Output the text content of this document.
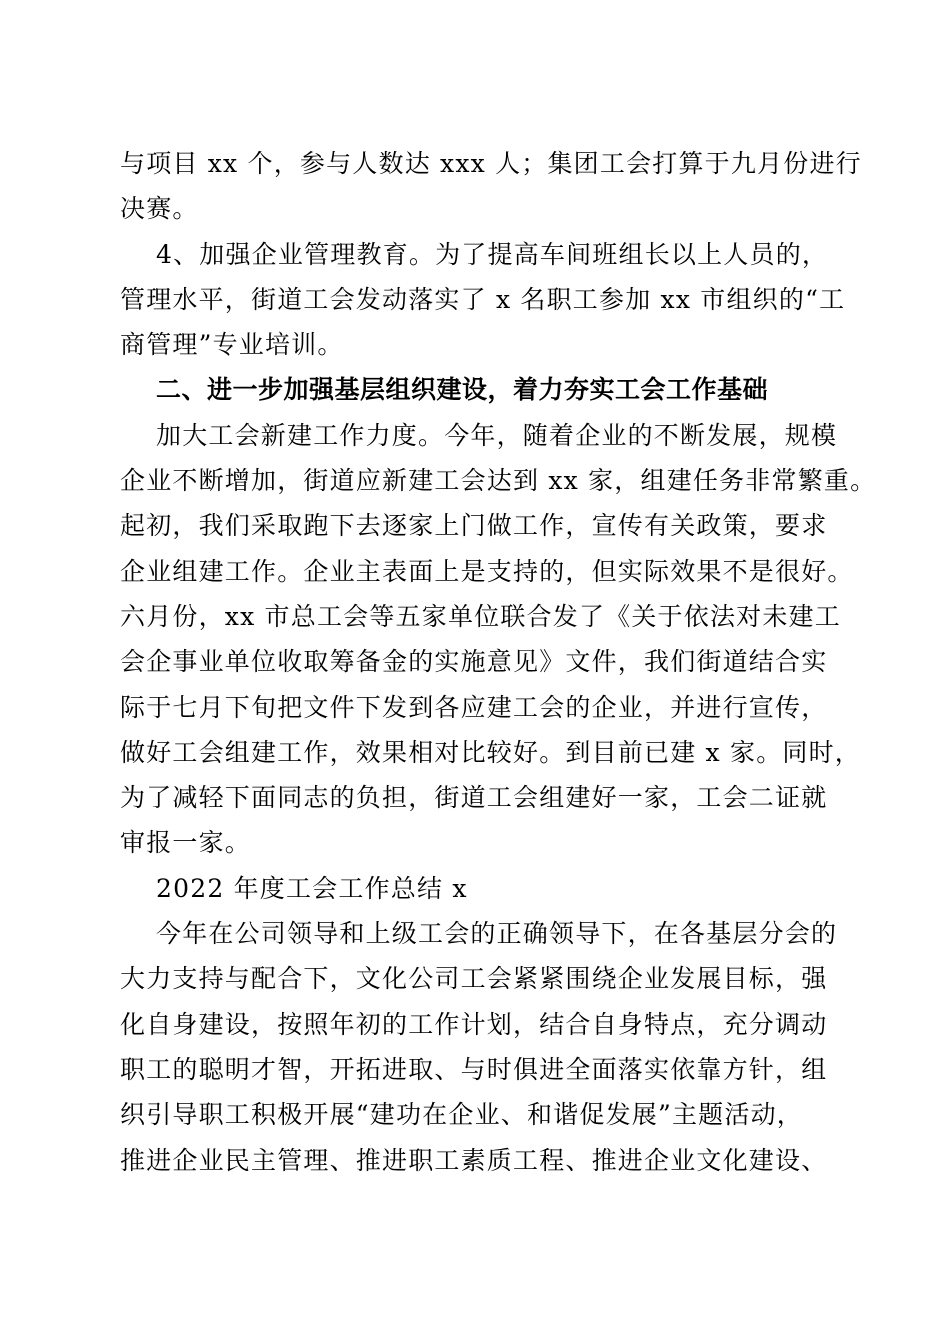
与项目 xx 个，参与人数达 xxx 人；集团工会打算于九月份进行
决赛。
4、加强企业管理教育。为了提高车间班组长以上人员的，
管理水平，街道工会发动落实了 x 名职工参加 xx 市组织的“工
商管理”专业培训。
二、进一步加强基层组织建设，着力夯实工会工作基础
加大工会新建工作力度。今年，随着企业的不断发展，规模
企业不断增加，街道应新建工会达到 xx 家，组建任务非常繁重。
起初，我们采取跑下去逐家上门做工作，宣传有关政策，要求
企业组建工作。企业主表面上是支持的，但实际效果不是很好。
六月份，xx 市总工会等五家单位联合发了《关于依法对未建工
会企事业单位收取筹备金的实施意见》文件，我们街道结合实
际于七月下旬把文件下发到各应建工会的企业，并进行宣传，
做好工会组建工作，效果相对比较好。到目前已建 x 家。同时，
为了减轻下面同志的负担，街道工会组建好一家，工会二证就
审报一家。
2022 年度工会工作总结 x
今年在公司领导和上级工会的正确领导下，在各基层分会的
大力支持与配合下，文化公司工会紧紧围绕企业发展目标，强
化自身建设，按照年初的工作计划，结合自身特点，充分调动
职工的聪明才智，开拓进取、与时俱进全面落实依靠方针，组
织引导职工积极开展“建功在企业、和谐促发展”主题活动，
推进企业民主管理、推进职工素质工程、推进企业文化建设、
